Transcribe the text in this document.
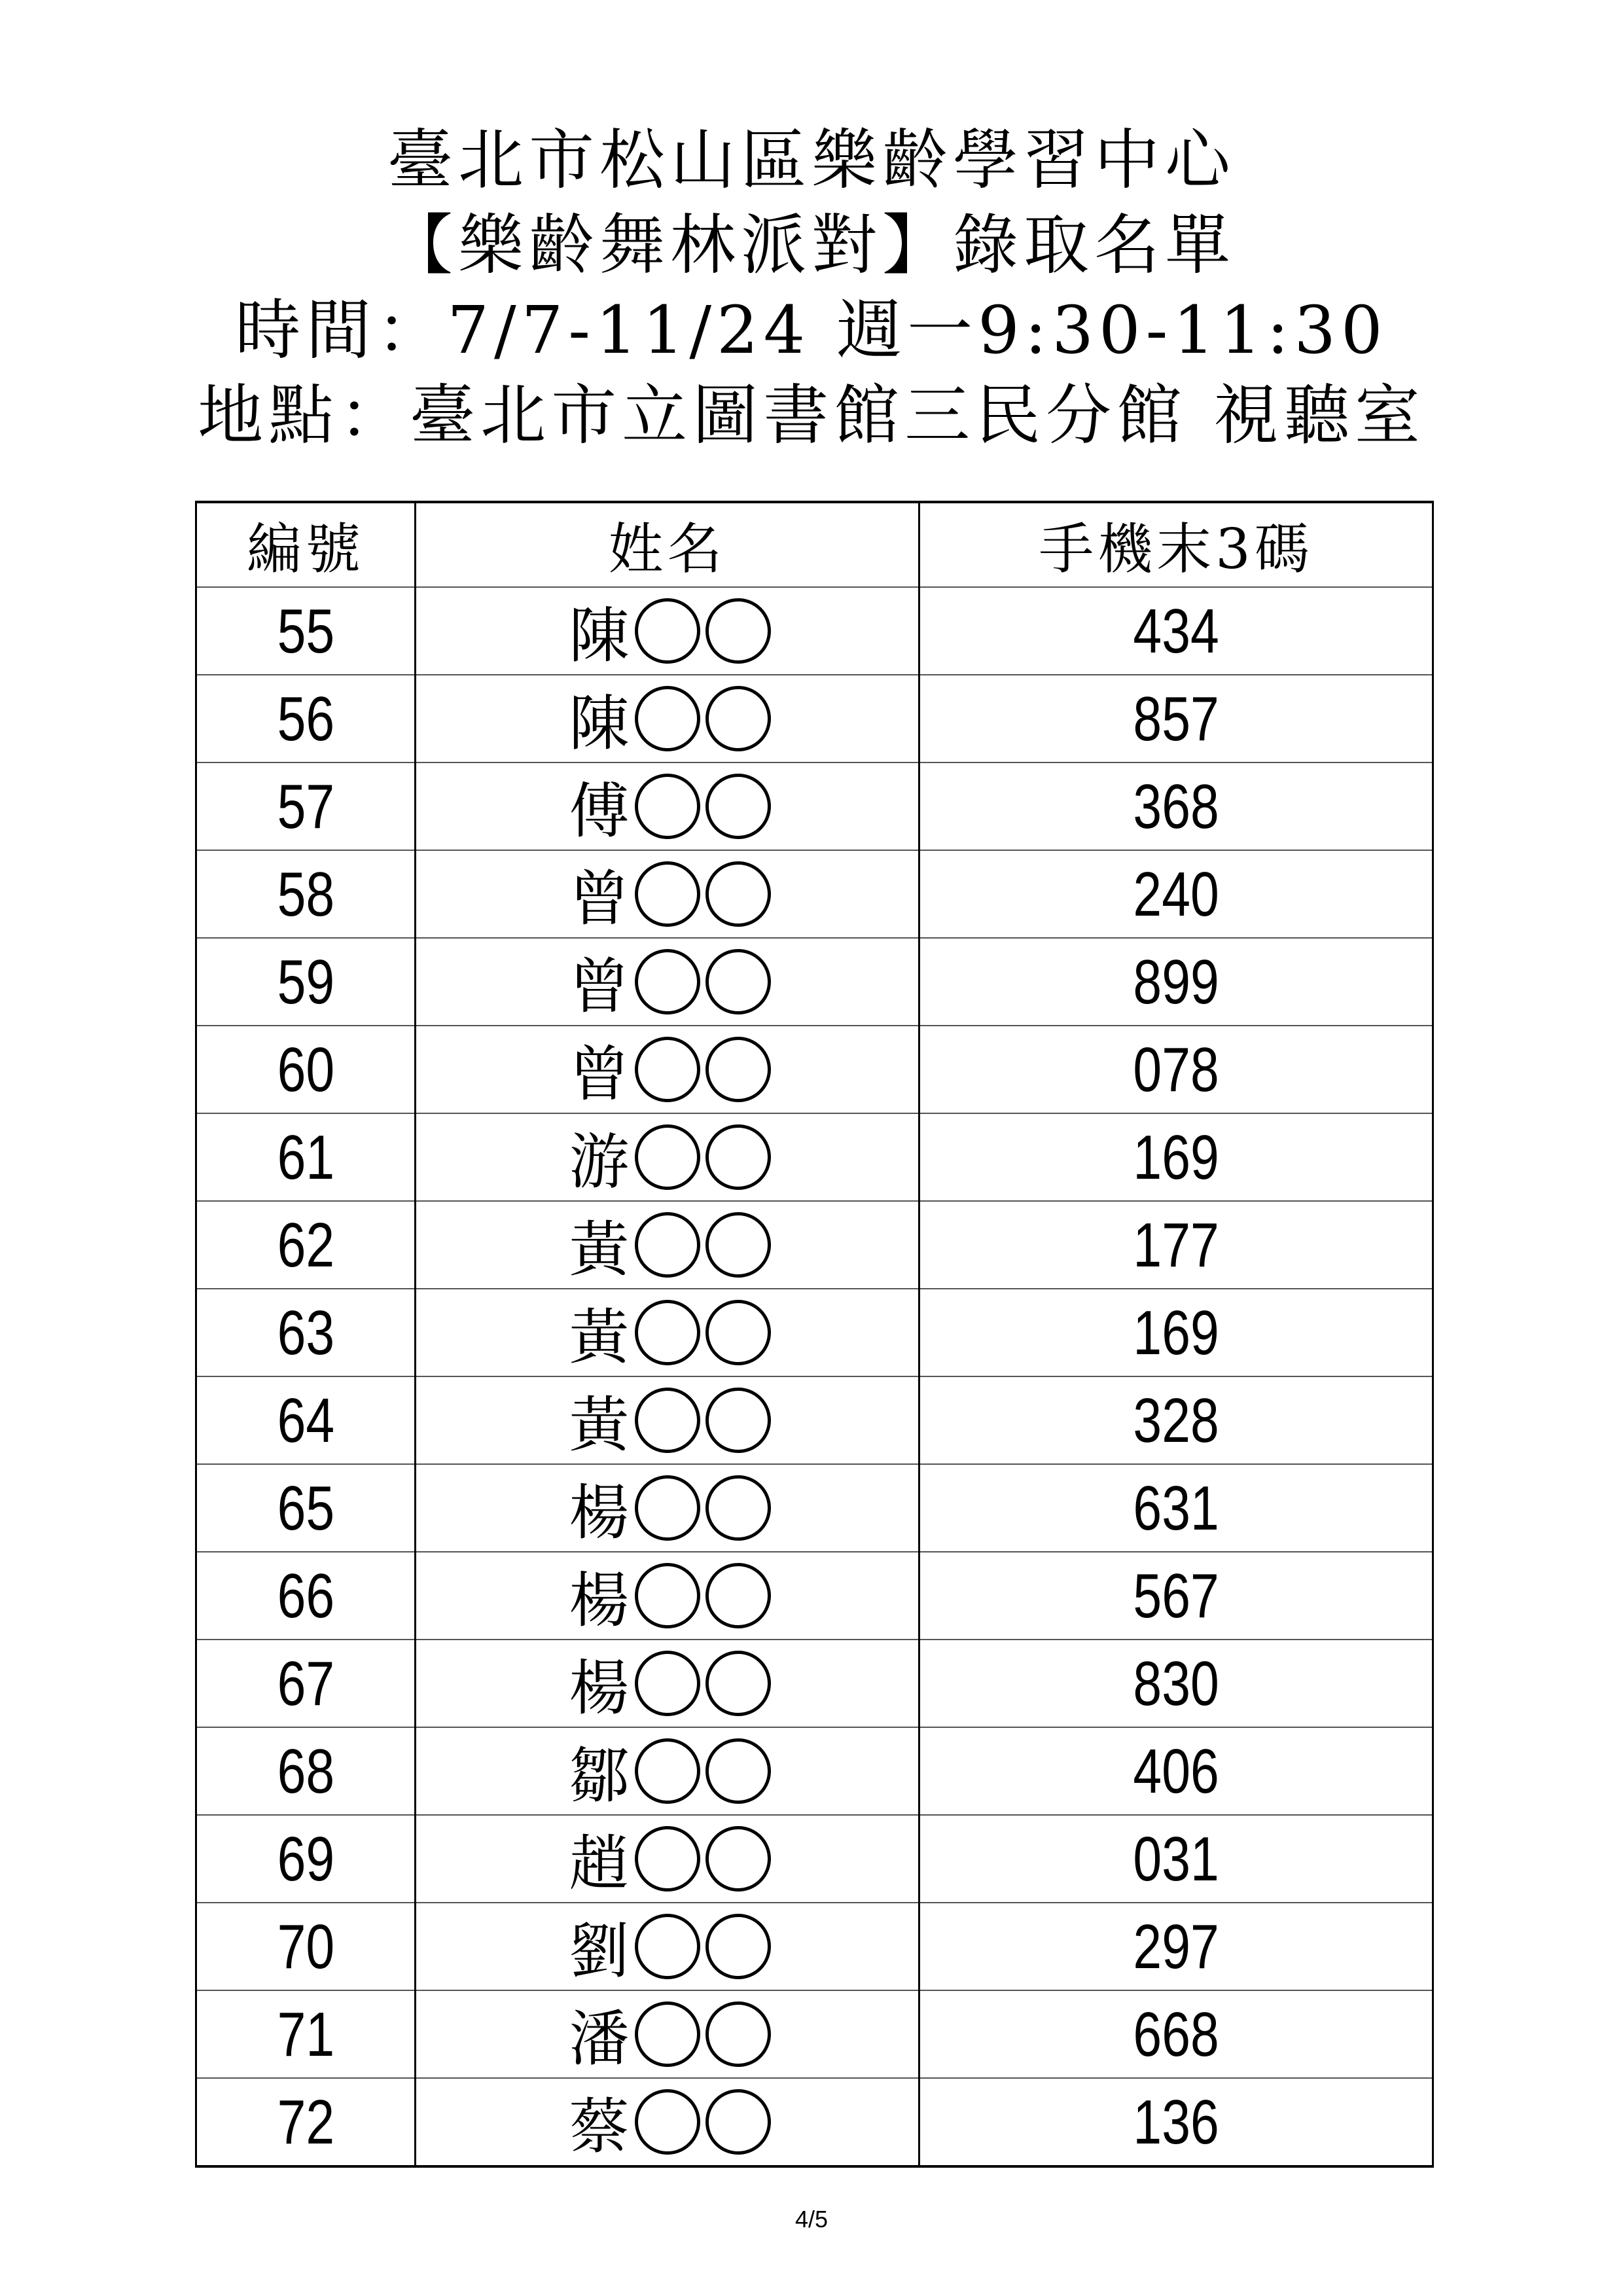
臺北市松山區樂齡學習中心
【樂齡舞林派對】錄取名單
時間：7/7-11/24 週一9:30-11:30
地點：臺北市立圖書館三民分館 視聽室
編號	姓名	手機末3碼
55	陳	434
56	陳	857
57	傅	368
58	曾	240
59	曾	899
60	曾	078
61	游	169
62	黃	177
63	黃	169
64	黃	328
65	楊	631
66	楊	567
67	楊	830
68	鄒	406
69	趙	031
70	劉	297
71	潘	668
72	蔡	136
4/5
